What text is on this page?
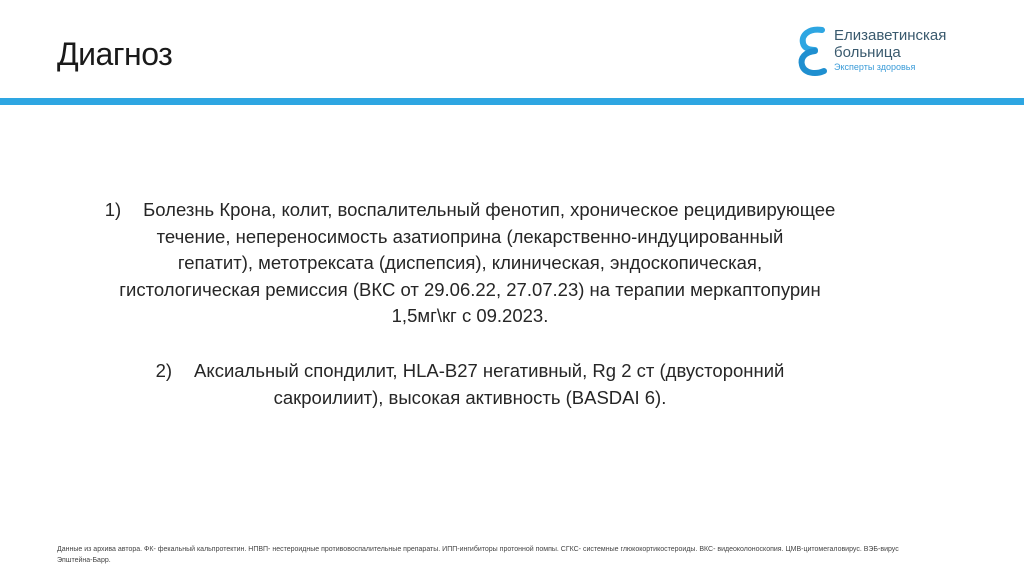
Диагноз
Елизаветинская
больница
Эксперты здоровья
1) Болезнь Крона, колит, воспалительный фенотип, хроническое рецидивирующее
течение, непереносимость азатиоприна (лекарственно-индуцированный
гепатит), метотрексата (диспепсия), клиническая, эндоскопическая,
гистологическая ремиссия (ВКС от 29.06.22, 27.07.23) на терапии меркаптопурин
1,5мг\кг с 09.2023.
2) Аксиальный спондилит, HLA-B27 негативный, Rg 2 ст (двусторонний
сакроилиит), высокая активность (BASDAI 6).
Данные из архива автора. ФК- фекальный кальпротектин. НПВП- нестероидные противовоспалительные препараты. ИПП-ингибиторы протонной помпы. СГКС- системные глюкокортикостероиды. ВКС- видеоколоноскопия. ЦМВ-цитомегаловирус. ВЭБ-вирус
Эпштейна-Барр.
